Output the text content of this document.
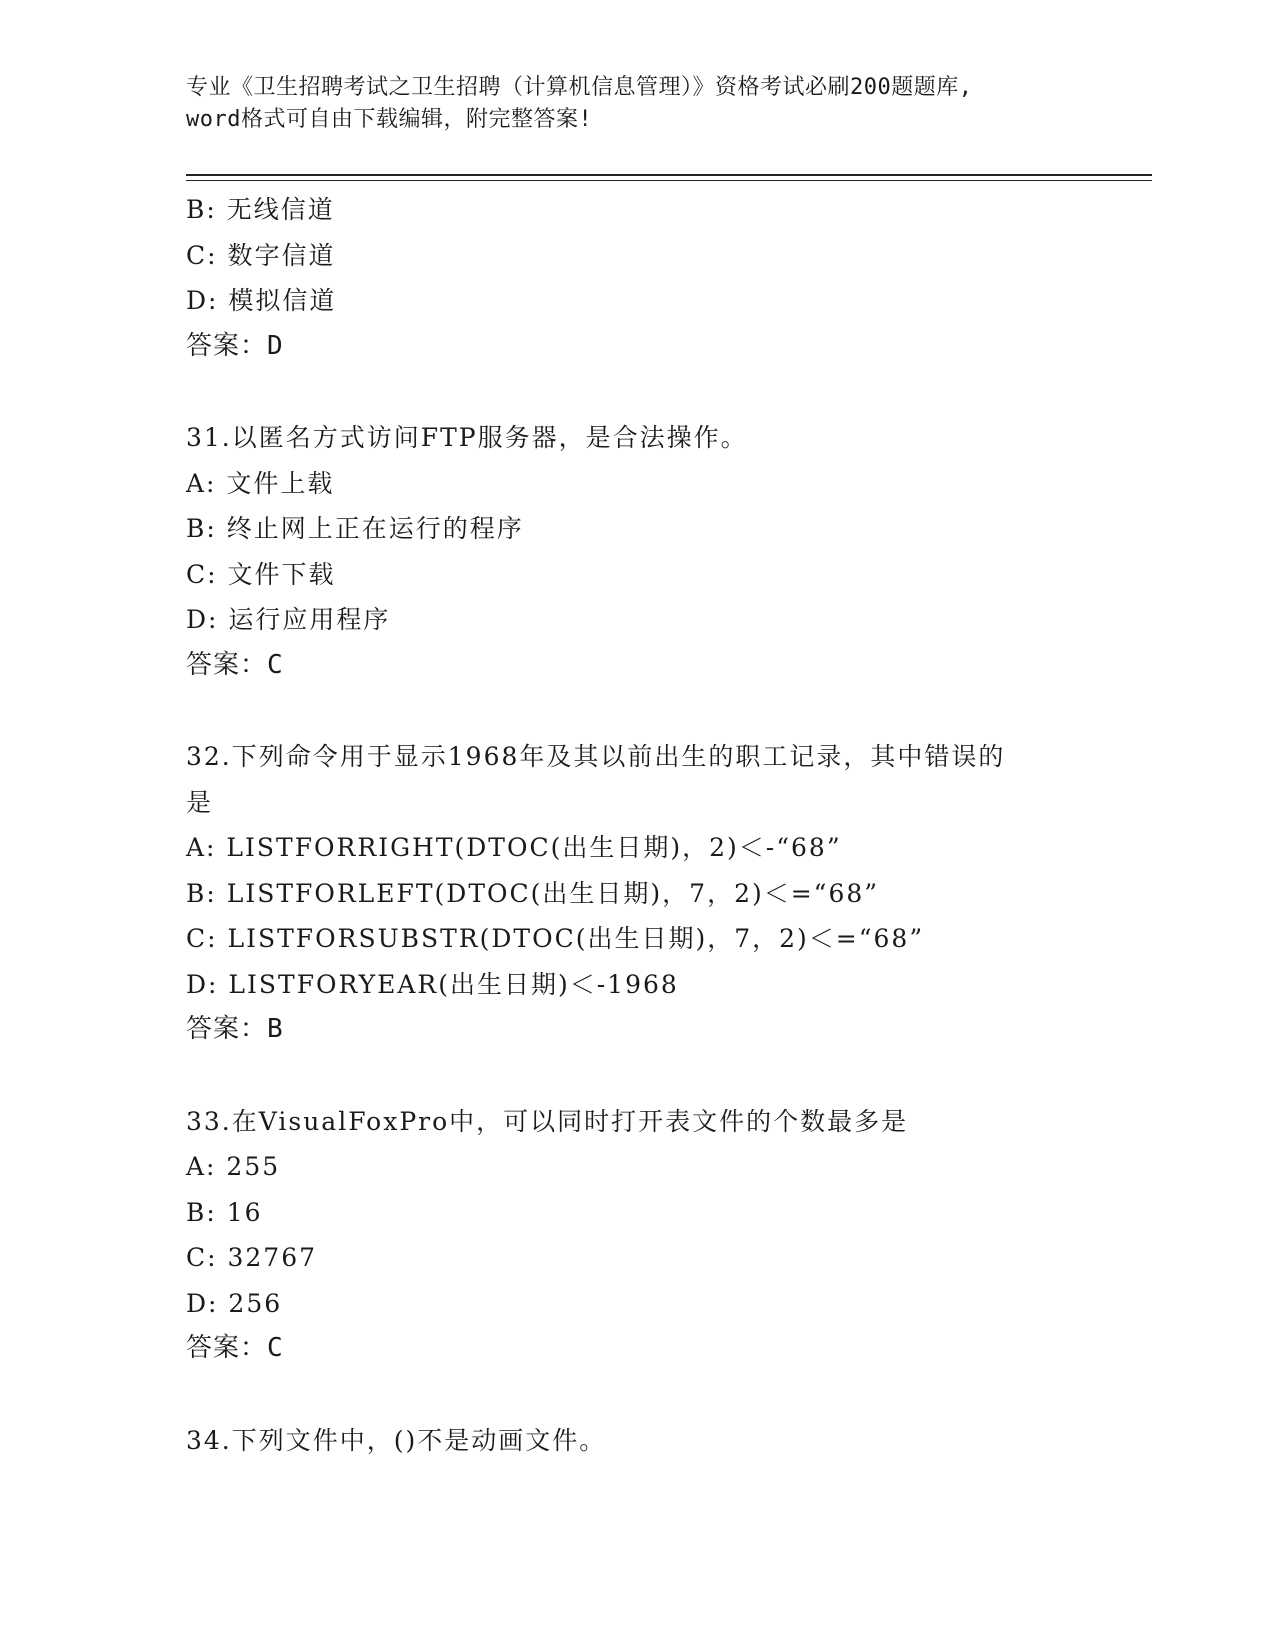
专业《卫生招聘考试之卫生招聘（计算机信息管理）》资格考试必刷200题题库,
word格式可自由下载编辑，附完整答案!
B: 无线信道
C: 数字信道
D: 模拟信道
答案：D
31.以匿名方式访问FTP服务器，是合法操作。
A: 文件上载
B: 终止网上正在运行的程序
C: 文件下载
D: 运行应用程序
答案：C
32.下列命令用于显示1968年及其以前出生的职工记录，其中错误的
是
A: LISTFORRIGHT(DTOC(出生日期)，2)＜-“68”
B: LISTFORLEFT(DTOC(出生日期)，7，2)＜=“68”
C: LISTFORSUBSTR(DTOC(出生日期)，7，2)＜=“68”
D: LISTFORYEAR(出生日期)＜-1968
答案：B
33.在VisualFoxPro中，可以同时打开表文件的个数最多是
A: 255
B: 16
C: 32767
D: 256
答案：C
34.下列文件中，()不是动画文件。
